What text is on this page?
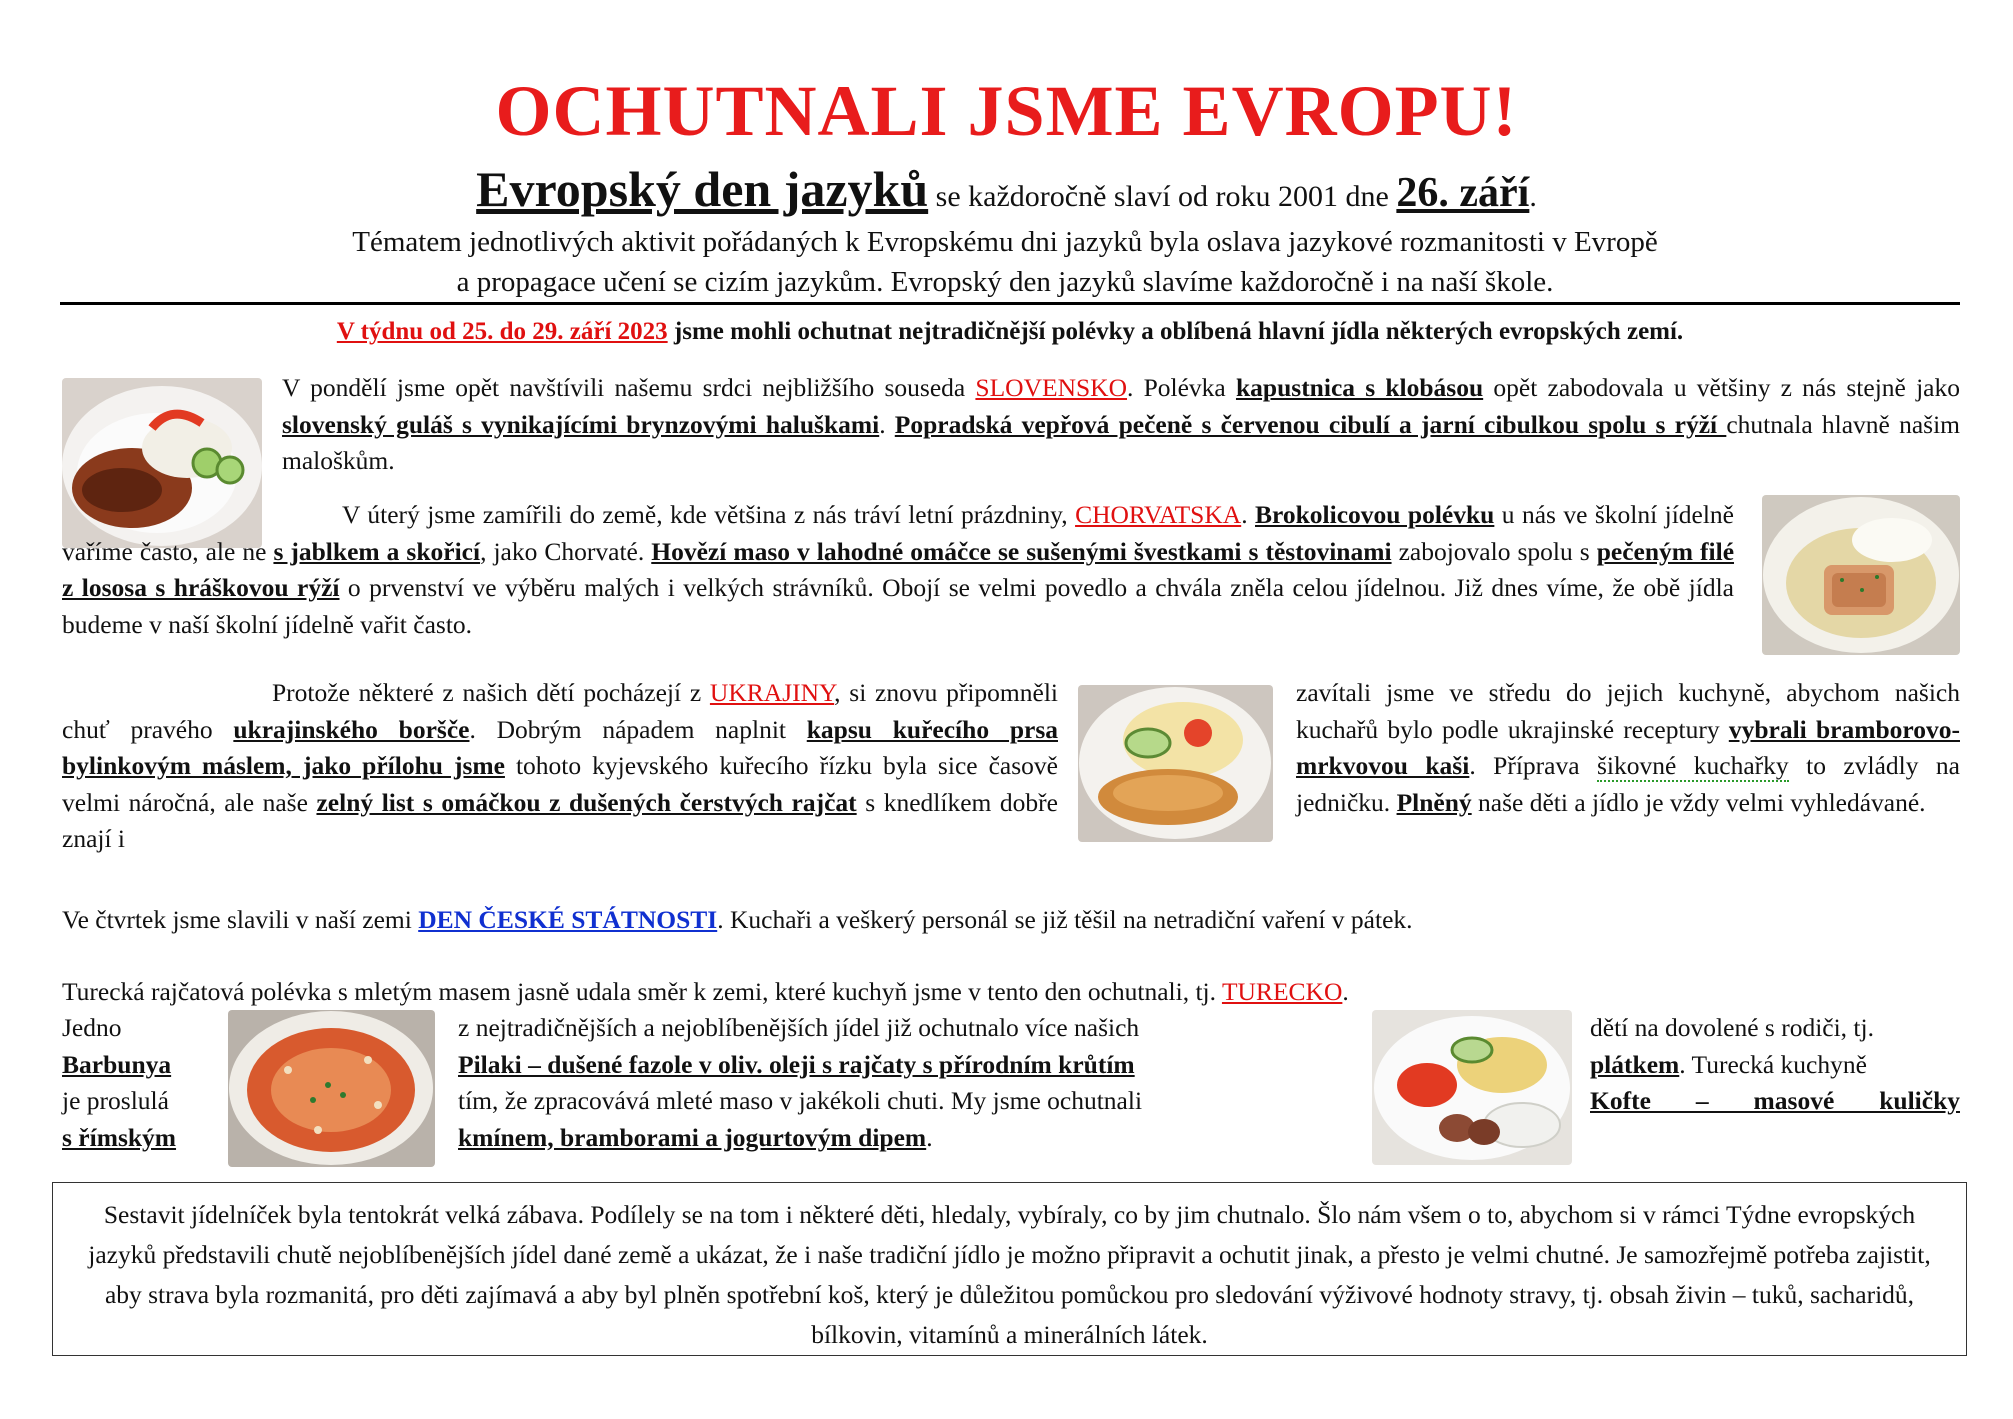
OCHUTNALI JSME EVROPU!
Evropský den jazyků se každoročně slaví od roku 2001 dne 26. září.
Tématem jednotlivých aktivit pořádaných k Evropskému dni jazyků byla oslava jazykové rozmanitosti v Evropě
a propagace učení se cizím jazykům. Evropský den jazyků slavíme každoročně i na naší škole.
V týdnu od 25. do 29. září 2023 jsme mohli ochutnat nejtradičnější polévky a oblíbená hlavní jídla některých evropských zemí.
V pondělí jsme opět navštívili našemu srdci nejbližšího souseda SLOVENSKO. Polévka kapustnica s klobásou opět zabodovala u většiny z nás stejně jako slovenský guláš s vynikajícími brynzovými haluškami. Popradská vepřová pečeně s červenou cibulí a jarní cibulkou spolu s rýží chutnala hlavně našim maloškům.
V úterý jsme zamířili do země, kde většina z nás tráví letní prázdniny, CHORVATSKA. Brokolicovou polévku u nás ve školní jídelně vaříme často, ale ne s jablkem a skořicí, jako Chorvaté. Hovězí maso v lahodné omáčce se sušenými švestkami s těstovinami zabojovalo spolu s pečeným filé z lososa s hráškovou rýží o prvenství ve výběru malých i velkých strávníků. Obojí se velmi povedlo a chvála zněla celou jídelnou. Již dnes víme, že obě jídla budeme v naší školní jídelně vařit často.
Protože některé z našich dětí pocházejí z UKRAJINY, si znovu připomněli chuť pravého ukrajinského boršče. Dobrým nápadem naplnit kapsu kuřecího prsa bylinkovým máslem, jako přílohu jsme tohoto kyjevského kuřecího řízku byla sice časově velmi náročná, ale naše zelný list s omáčkou z dušených čerstvých rajčat s knedlíkem dobře znají i
zavítali jsme ve středu do jejich kuchyně, abychom našich kuchařů bylo podle ukrajinské receptury vybrali bramborovo-mrkvovou kaši. Příprava šikovné kuchařky to zvládly na jedničku. Plněný naše děti a jídlo je vždy velmi vyhledávané.
Ve čtvrtek jsme slavili v naší zemi DEN ČESKÉ STÁTNOSTI. Kuchaři a veškerý personál se již těšil na netradiční vaření v pátek.
Turecká rajčatová polévka s mletým masem jasně udala směr k zemi, které kuchyň jsme v tento den ochutnali, tj. TURECKO.
Jedno
Barbunya
je proslulá
s římským
z nejtradičnějších a nejoblíbenějších jídel již ochutnalo více našich
Pilaki – dušené fazole v oliv. oleji s rajčaty s přírodním krůtím
tím, že zpracovává mleté maso v jakékoli chuti. My jsme ochutnali
kmínem, bramborami a jogurtovým dipem.
dětí na dovolené s rodiči, tj.
plátkem. Turecká kuchyně
Kofte – masové kuličky
Sestavit jídelníček byla tentokrát velká zábava. Podílely se na tom i některé děti, hledaly, vybíraly, co by jim chutnalo. Šlo nám všem o to, abychom si v rámci Týdne evropských jazyků představili chutě nejoblíbenějších jídel dané země a ukázat, že i naše tradiční jídlo je možno připravit a ochutit jinak, a přesto je velmi chutné. Je samozřejmě potřeba zajistit, aby strava byla rozmanitá, pro děti zajímavá a aby byl plněn spotřební koš, který je důležitou pomůckou pro sledování výživové hodnoty stravy, tj. obsah živin – tuků, sacharidů, bílkovin, vitamínů a minerálních látek.
